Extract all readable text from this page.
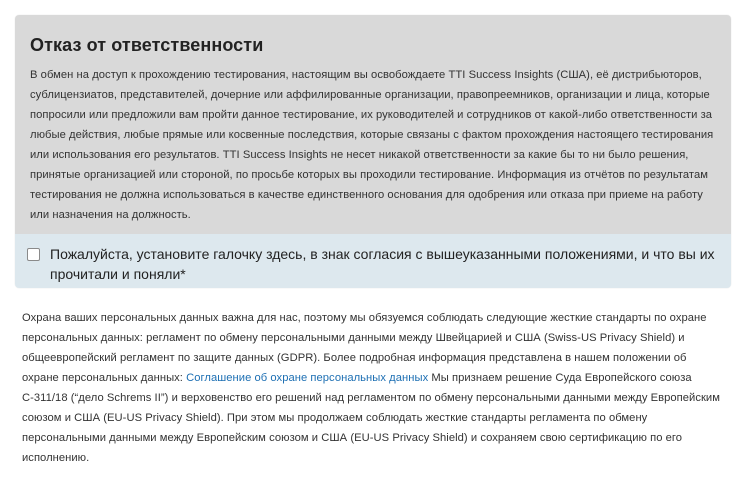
Отказ от ответственности

В обмен на доступ к прохождению тестирования, настоящим вы освобождаете TTI Success Insights (США), её дистрибьюторов, сублицензиатов, представителей, дочерние или аффилированные организации, правопреемников, организации и лица, которые попросили или предложили вам пройти данное тестирование, их руководителей и сотрудников от какой-либо ответственности за любые действия, любые прямые или косвенные последствия, которые связаны с фактом прохождения настоящего тестирования или использования его результатов. TTI Success Insights не несет никакой ответственности за какие бы то ни было решения, принятые организацией или стороной, по просьбе которых вы проходили тестирование. Информация из отчётов по результатам тестирования не должна использоваться в качестве единственного основания для одобрения или отказа при приеме на работу или назначения на должность.

Пожалуйста, установите галочку здесь, в знак согласия с вышеуказанными положениями, и что вы их прочитали и поняли*

Охрана ваших персональных данных важна для нас, поэтому мы обязуемся соблюдать следующие жесткие стандарты по охране персональных данных: регламент по обмену персональными данными между Швейцарией и США (Swiss-US Privacy Shield) и общеевропейский регламент по защите данных (GDPR). Более подробная информация представлена в нашем положении об охране персональных данных: Соглашение об охране персональных данных Мы признаем решение Суда Европейского союза С-311/18 (“дело Schrems II”) и верховенство его решений над регламентом по обмену персональными данными между Европейским союзом и США (EU-US Privacy Shield). При этом мы продолжаем соблюдать жесткие стандарты регламента по обмену персональными данными между Европейским союзом и США (EU-US Privacy Shield) и сохраняем свою сертификацию по его исполнению.
